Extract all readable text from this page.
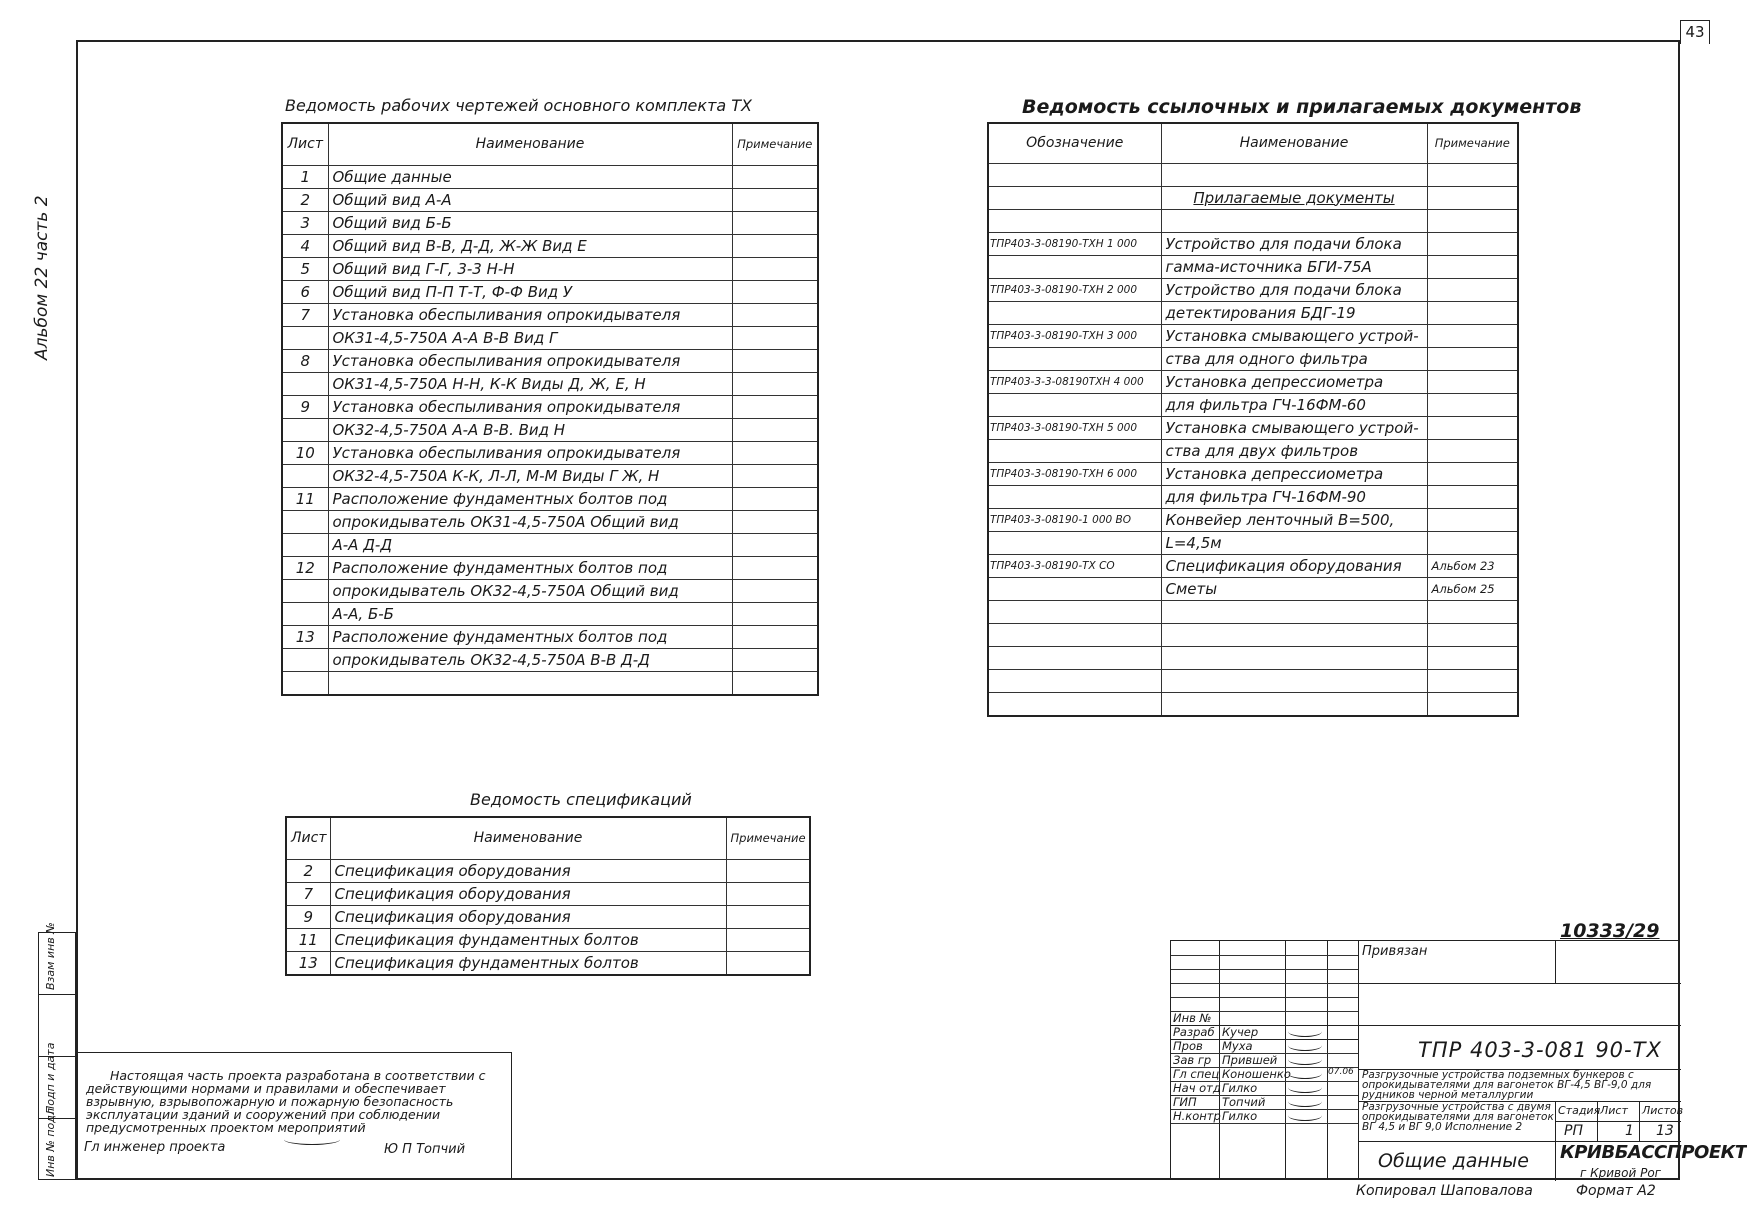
43
Альбом 22 часть 2
Взам инв №
Подп и дата
Инв № подл
Ведомость рабочих чертежей основного комплекта ТХ
Лист	Наименование	Примечание
1	Общие данные	
2	Общий вид А-А	
3	Общий вид Б-Б	
4	Общий вид В-В, Д-Д, Ж-Ж Вид Е	
5	Общий вид Г-Г, 3-3 Н-Н	
6	Общий вид П-П Т-Т, Ф-Ф Вид У	
7	Установка обеспыливания опрокидывателя	
	ОК31-4,5-750А А-А В-В Вид Г	
8	Установка обеспыливания опрокидывателя	
	ОК31-4,5-750А Н-Н, К-К Виды Д, Ж, Е, Н	
9	Установка обеспыливания опрокидывателя	
	ОК32-4,5-750А А-А В-В. Вид Н	
10	Установка обеспыливания опрокидывателя	
	ОК32-4,5-750А К-К, Л-Л, М-М Виды Г Ж, Н	
11	Расположение фундаментных болтов под	
	опрокидыватель ОК31-4,5-750А Общий вид	
	А-А Д-Д	
12	Расположение фундаментных болтов под	
	опрокидыватель ОК32-4,5-750А Общий вид	
	А-А, Б-Б	
13	Расположение фундаментных болтов под	
	опрокидыватель ОК32-4,5-750А В-В Д-Д	

Ведомость ссылочных и прилагаемых документов
Обозначение	Наименование	Примечание

	Прилагаемые документы	

ТПР403-3-08190-ТХН 1 000	Устройство для подачи блока	
	гамма-источника БГИ-75А	
ТПР403-3-08190-ТХН 2 000	Устройство для подачи блока	
	детектирования БДГ-19	
ТПР403-3-08190-ТХН 3 000	Установка смывающего устрой-	
	ства для одного фильтра	
ТПР403-3-3-08190ТХН 4 000	Установка депрессиометра	
	для фильтра ГЧ-16ФМ-60	
ТПР403-3-08190-ТХН 5 000	Установка смывающего устрой-	
	ства для двух фильтров	
ТПР403-3-08190-ТХН 6 000	Установка депрессиометра	
	для фильтра ГЧ-16ФМ-90	
ТПР403-3-08190-1 000 ВО	Конвейер ленточный В=500,	
	L=4,5м	
ТПР403-3-08190-ТХ СО	Спецификация оборудования	Альбом 23
	Сметы	Альбом 25

Ведомость спецификаций
Лист	Наименование	Примечание
2	Спецификация оборудования	
7	Спецификация оборудования	
9	Спецификация оборудования	
11	Спецификация фундаментных болтов	
13	Спецификация фундаментных болтов	
Настоящая часть проекта разработана в соответствии с действующими нормами и правилами и обеспечивает взрывную, взрывопожарную и пожарную безопасность эксплуатации зданий и сооружений при соблюдении предусмотренных проектом мероприятий
Гл инженер проекта	Ю П Топчий
10333/29
Инв №
Разраб Кучер
Пров Муха
Зав гр Прившей
Гл спец Коношенко
Нач отд Гилко
ГИП Топчий
Н.контр Гилко
07.06
Привязан
ТПР 403-3-081 90-ТХ
Разгрузочные устройства подземных бункеров с опрокидывателями для вагонеток ВГ-4,5 ВГ-9,0 для рудников черной металлургии
Разгрузочные устройства с двумя опрокидывателями для вагонеток ВГ 4,5 и ВГ 9,0 Исполнение 2
Стадия Лист Листов
РП	1 13
Общие данные КРИВБАССПРОЕКТ
г Кривой Рог
Копировал Шаповалова	Формат А2
